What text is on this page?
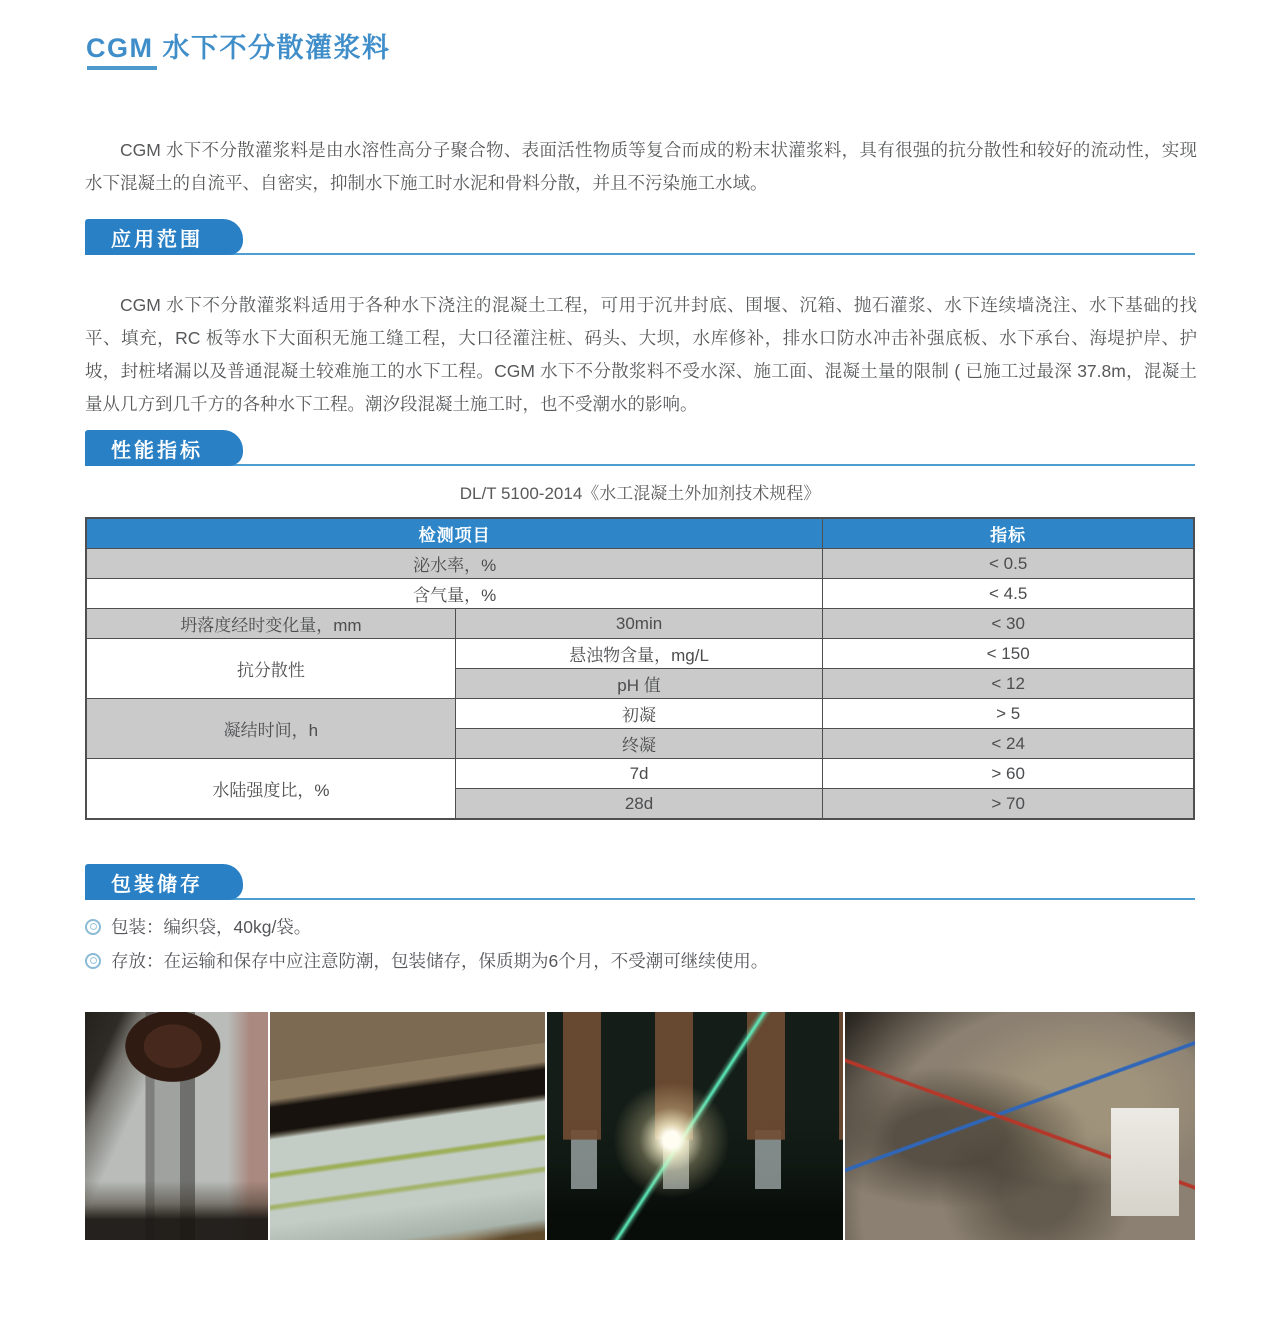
CGM 水下不分散灌浆料

CGM 水下不分散灌浆料是由水溶性高分子聚合物、表面活性物质等复合而成的粉末状灌浆料，具有很强的抗分散性和较好的流动性，实现水下混凝土的自流平、自密实，抑制水下施工时水泥和骨料分散，并且不污染施工水域。

应用范围

CGM 水下不分散灌浆料适用于各种水下浇注的混凝土工程，可用于沉井封底、围堰、沉箱、抛石灌浆、水下连续墙浇注、水下基础的找平、填充，RC 板等水下大面积无施工缝工程，大口径灌注桩、码头、大坝，水库修补，排水口防水冲击补强底板、水下承台、海堤护岸、护坡，封桩堵漏以及普通混凝土较难施工的水下工程。CGM 水下不分散浆料不受水深、施工面、混凝土量的限制 ( 已施工过最深 37.8m，混凝土量从几方到几千方的各种水下工程。潮汐段混凝土施工时，也不受潮水的影响。

性能指标
DL/T 5100-2014《水工混凝土外加剂技术规程》
检测项目		指标
泌水率，%		< 0.5
含气量，%		< 4.5
坍落度经时变化量，mm	30min	< 30
抗分散性	悬浊物含量，mg/L	< 150
	pH 值	< 12
凝结时间，h	初凝	> 5
	终凝	< 24
水陆强度比，%	7d	> 60
	28d	> 70
包装储存
包装：编织袋，40kg/袋。
存放：在运输和保存中应注意防潮，包装储存，保质期为6个月，不受潮可继续使用。
